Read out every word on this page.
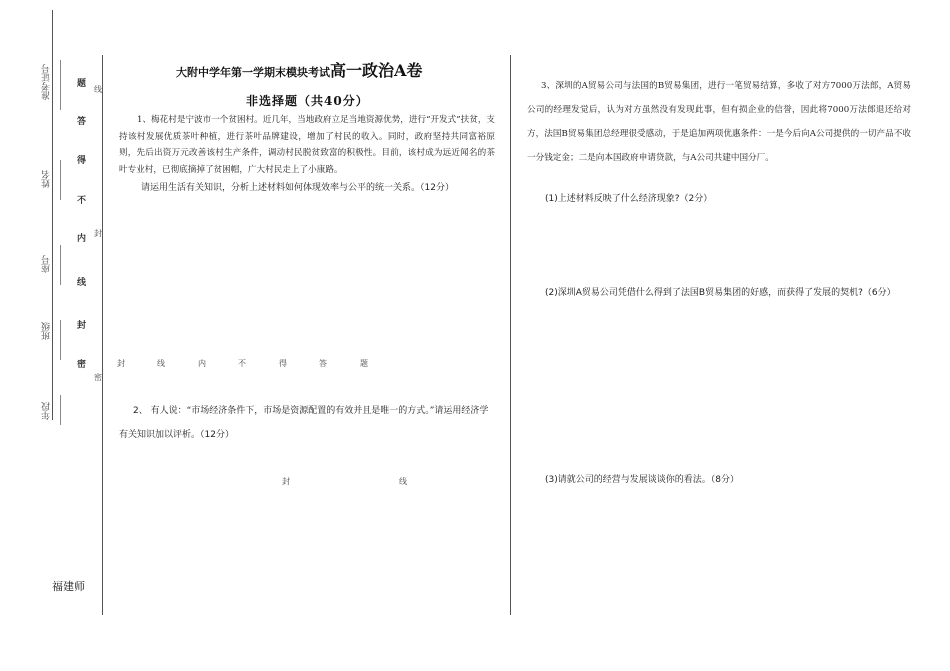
准考证号
姓名
座号
班级
年段
题
答
得
不
内
线
封
密
线
封
密
封	线	内	不	得	答	题
封	线
大附中学年第一学期末模块考试高一政治A卷
非选择题（共40分）
1、梅花村是宁波市一个贫困村。近几年，当地政府立足当地资源优势，进行“开发式”扶贫，支持该村发展优质茶叶种植，进行茶叶品牌建设，增加了村民的收入。同时，政府坚持共同富裕原则，先后出资万元改善该村生产条件，调动村民脱贫致富的积极性。目前，该村成为远近闻名的茶叶专业村，已彻底摘掉了贫困帽，广大村民走上了小康路。
请运用生活有关知识，分析上述材料如何体现效率与公平的统一关系。（12分）
2、 有人说：“市场经济条件下，市场是资源配置的有效并且是唯一的方式。”请运用经济学有关知识加以评析。（12分）
3、深圳的A贸易公司与法国的B贸易集团，进行一笔贸易结算，多收了对方7000万法郎，A贸易公司的经理发觉后，认为对方虽然没有发现此事，但有损企业的信誉，因此将7000万法郎退还给对方，法国B贸易集团总经理很受感动，于是追加两项优惠条件：一是今后向A公司提供的一切产品不收一分钱定金；二是向本国政府申请贷款，与A公司共建中国分厂。
(1)上述材料反映了什么经济现象?（2分）
(2)深圳A贸易公司凭借什么得到了法国B贸易集团的好感，而获得了发展的契机?（6分）
(3)请就公司的经营与发展谈谈你的看法。（8分）
福建师
